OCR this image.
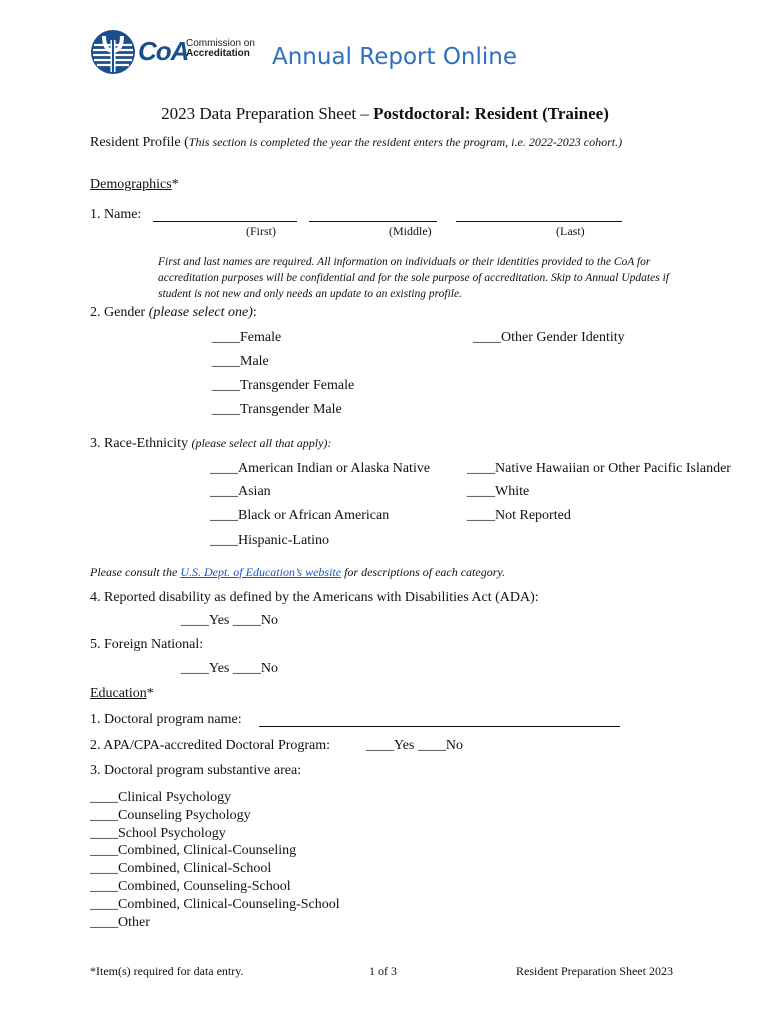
CoA
Commission on
Accreditation Annual Report Online
2023 Data Preparation Sheet – Postdoctoral: Resident (Trainee)
Resident Profile (This section is completed the year the resident enters the program, i.e. 2022-2023 cohort.)
Demographics*
1. Name:
(First)	(Middle)	(Last)
First and last names are required. All information on individuals or their identities provided to the CoA for accreditation purposes will be confidential and for the sole purpose of accreditation. Skip to Annual Updates if student is not new and only needs an update to an existing profile.
2. Gender (please select one):
____Female
____Male
____Transgender Female
____Transgender Male
____Other Gender Identity
3. Race-Ethnicity (please select all that apply):
____American Indian or Alaska Native
____Asian
____Black or African American
____Hispanic-Latino
____Native Hawaiian or Other Pacific Islander
____White
____Not Reported
Please consult the U.S. Dept. of Education’s website for descriptions of each category.
4. Reported disability as defined by the Americans with Disabilities Act (ADA):
____Yes ____No
5. Foreign National:
____Yes ____No
Education*
1. Doctoral program name:
2. APA/CPA-accredited Doctoral Program:	____Yes ____No
3. Doctoral program substantive area:
____Clinical Psychology
____Counseling Psychology
____School Psychology
____Combined, Clinical-Counseling
____Combined, Clinical-School
____Combined, Counseling-School
____Combined, Clinical-Counseling-School
____Other
*Item(s) required for data entry.	1 of 3	Resident Preparation Sheet 2023
